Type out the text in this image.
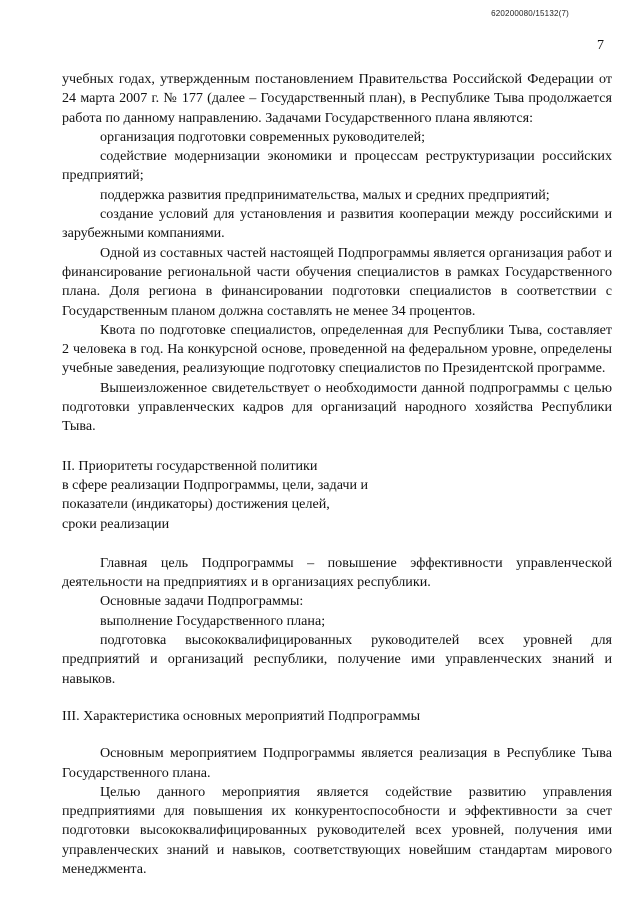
620200080/15132(7)
7

учебных годах, утвержденным постановлением Правительства Российской Федерации от 24 марта 2007 г. № 177 (далее – Государственный план), в Республике Тыва продолжается работа по данному направлению. Задачами Государственного плана являются:

организация подготовки современных руководителей;

содействие модернизации экономики и процессам реструктуризации российских предприятий;

поддержка развития предпринимательства, малых и средних предприятий;

создание условий для установления и развития кооперации между российскими и зарубежными компаниями.

Одной из составных частей настоящей Подпрограммы является организация работ и финансирование региональной части обучения специалистов в рамках Государственного плана. Доля региона в финансировании подготовки специалистов в соответствии с Государственным планом должна составлять не менее 34 процентов.

Квота по подготовке специалистов, определенная для Республики Тыва, составляет 2 человека в год. На конкурсной основе, проведенной на федеральном уровне, определены учебные заведения, реализующие подготовку специалистов по Президентской программе.

Вышеизложенное свидетельствует о необходимости данной подпрограммы с целью подготовки управленческих кадров для организаций народного хозяйства Республики Тыва.

II. Приоритеты государственной политики

в сфере реализации Подпрограммы, цели, задачи и

показатели (индикаторы) достижения целей,

сроки реализации

Главная цель Подпрограммы – повышение эффективности управленческой деятельности на предприятиях и в организациях республики.

Основные задачи Подпрограммы:

выполнение Государственного плана;

подготовка высококвалифицированных руководителей всех уровней для предприятий и организаций республики, получение ими управленческих знаний и навыков.

III. Характеристика основных мероприятий Подпрограммы

Основным мероприятием Подпрограммы является реализация в Республике Тыва Государственного плана.

Целью данного мероприятия является содействие развитию управления предприятиями для повышения их конкурентоспособности и эффективности за счет подготовки высококвалифицированных руководителей всех уровней, получения ими управленческих знаний и навыков, соответствующих новейшим стандартам мирового менеджмента.
